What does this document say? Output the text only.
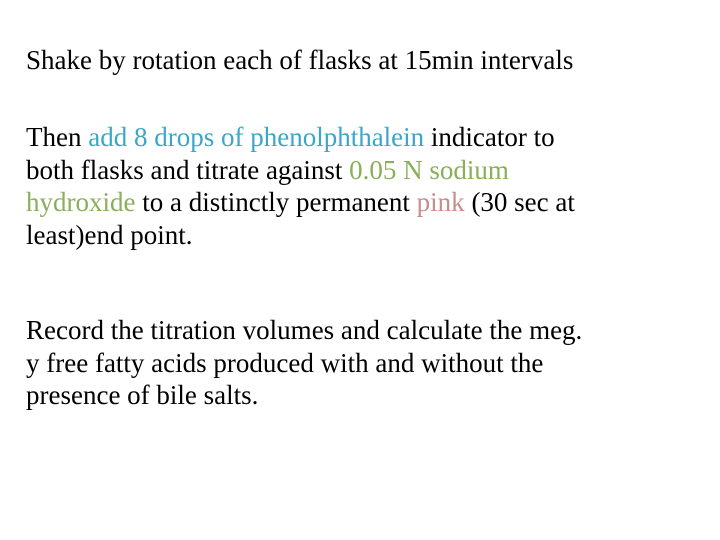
Shake by rotation each of flasks at 15min intervals

Then add 8 drops of phenolphthalein indicator to
both flasks and titrate against 0.05 N sodium
hydroxide to a distinctly permanent pink (30 sec at
least)end point.

Record the titration volumes and calculate the meg.
y free fatty acids produced with and without the
presence of bile salts.
